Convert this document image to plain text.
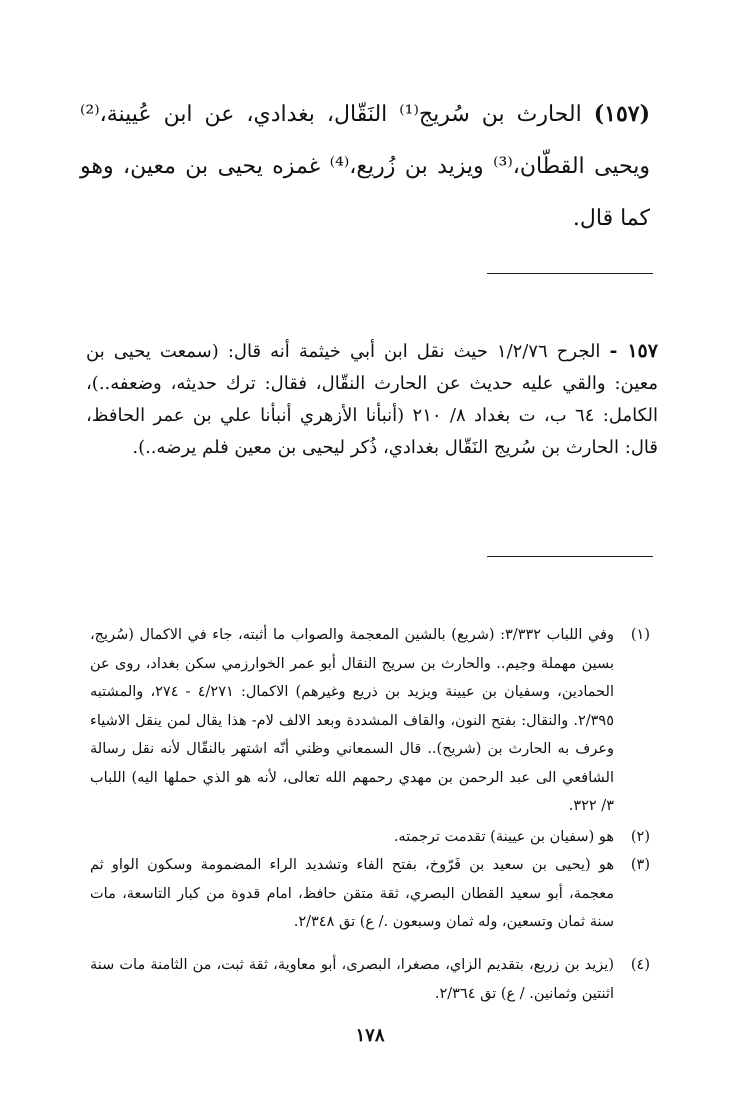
(١٥٧) الحارث بن سُريج⁽¹⁾ النَقّال، بغدادي، عن ابن عُيينة،⁽²⁾ ويحيى القطّان،⁽³⁾ ويزيد بن زُريع،⁽⁴⁾ غمزه يحيى بن معين، وهو كما قال.
١٥٧ - الجرح ١/٢/٧٦ حيث نقل ابن أبي خيثمة أنه قال: (سمعت يحيى بن معين: والقي عليه حديث عن الحارث النقّال، فقال: ترك حديثه، وضعفه..)، الكامل: ٦٤ ب، ت بغداد ٨/ ٢١٠ (أنبأنا الأزهري أنبأنا علي بن عمر الحافظ، قال: الحارث بن سُريج النَقّال بغدادي، ذُكر ليحيى بن معين فلم يرضه..).
(١)
وفي اللباب ٣/٣٣٢: (شريع) بالشين المعجمة والصواب ما أثبته، جاء في الاكمال (سُريج، بسين مهملة وجيم.. والحارث بن سريج النقال أبو عمر الخوارزمي سكن بغداد، روى عن الحمادين، وسفيان بن عيينة ويزيد بن ذريع وغيرهم) الاكمال: ٤/٢٧١ - ٢٧٤، والمشتبه ٢/٣٩٥. والنقال: بفتح النون، والقاف المشددة وبعد الالف لام- هذا يقال لمن ينقل الاشياء وعرف به الحارث بن (شريح).. قال السمعاني وظني أنّه اشتهر بالنقّال لأنه نقل رسالة الشافعي الى عبد الرحمن بن مهدي رحمهم الله تعالى، لأنه هو الذي حملها اليه) اللباب ٣/ ٣٢٢.
(٢)
هو (سفيان بن عيينة) تقدمت ترجمته.
(٣)
هو (يحيى بن سعيد بن فَرّوخ، بفتح الفاء وتشديد الراء المضمومة وسكون الواو ثم معجمة، أبو سعيد القطان البصري، ثقة متقن حافظ، امام قدوة من كبار التاسعة، مات سنة ثمان وتسعين، وله ثمان وسبعون ./ ع) تق ٢/٣٤٨.
(٤)
(يزيد بن زريع، بتقديم الزاي، مصغرا، البصرى، أبو معاوية، ثقة ثبت، من الثامنة مات سنة اثنتين وثمانين. / ع) تق ٢/٣٦٤.
١٧٨
